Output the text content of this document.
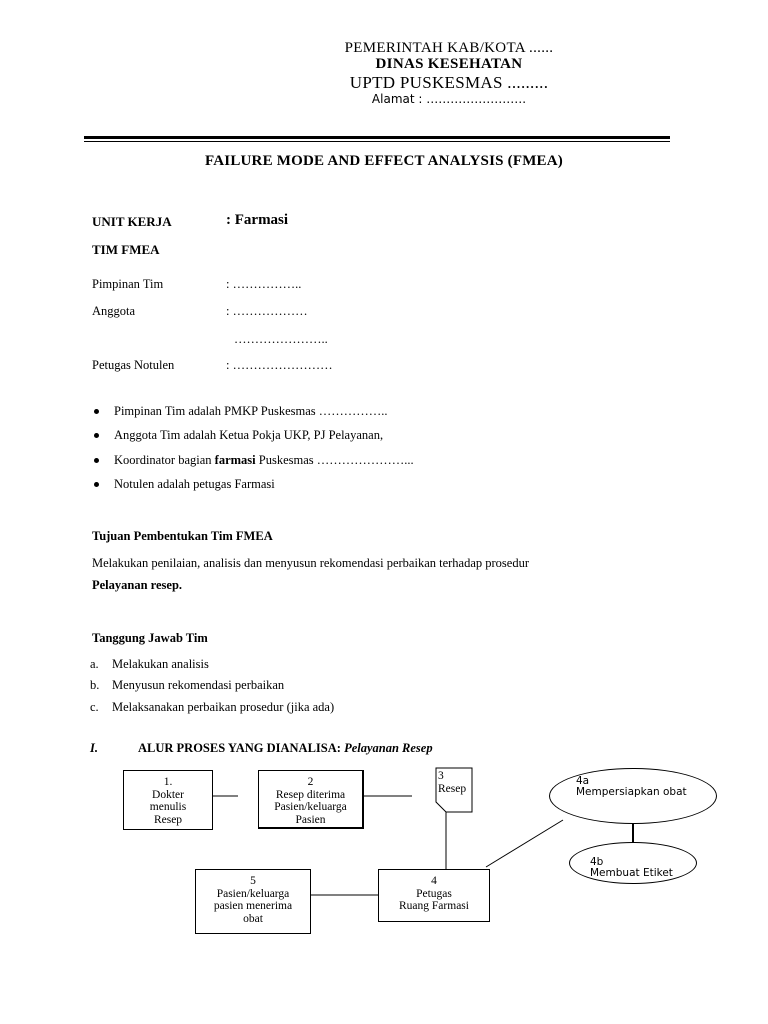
PEMERINTAH KAB/KOTA ......
DINAS KESEHATAN
UPTD PUSKESMAS .........
Alamat : …………………….
FAILURE MODE AND EFFECT ANALYSIS (FMEA)
UNIT KERJA	: Farmasi
TIM FMEA
Pimpinan Tim	: ……………..
Anggota	: ………………
…………………..
Petugas Notulen	: ……………………
Pimpinan Tim adalah PMKP Puskesmas ……………..
Anggota Tim adalah Ketua Pokja UKP, PJ Pelayanan,
Koordinator bagian farmasi Puskesmas …………………...
Notulen adalah petugas Farmasi
Tujuan Pembentukan Tim FMEA
Melakukan penilaian, analisis dan menyusun rekomendasi perbaikan terhadap prosedur
Pelayanan resep.
Tanggung Jawab Tim
a. Melakukan analisis
b. Menyusun rekomendasi perbaikan
c. Melaksanakan perbaikan prosedur (jika ada)
I.	ALUR PROSES YANG DIANALISA: Pelayanan Resep
1.
Dokter
menulis
Resep
2
Resep diterima
Pasien/keluarga
Pasien
3
Resep
4a
Mempersiapkan obat
4b
Membuat Etiket
4
Petugas
Ruang Farmasi
5
Pasien/keluarga
pasien menerima
obat
